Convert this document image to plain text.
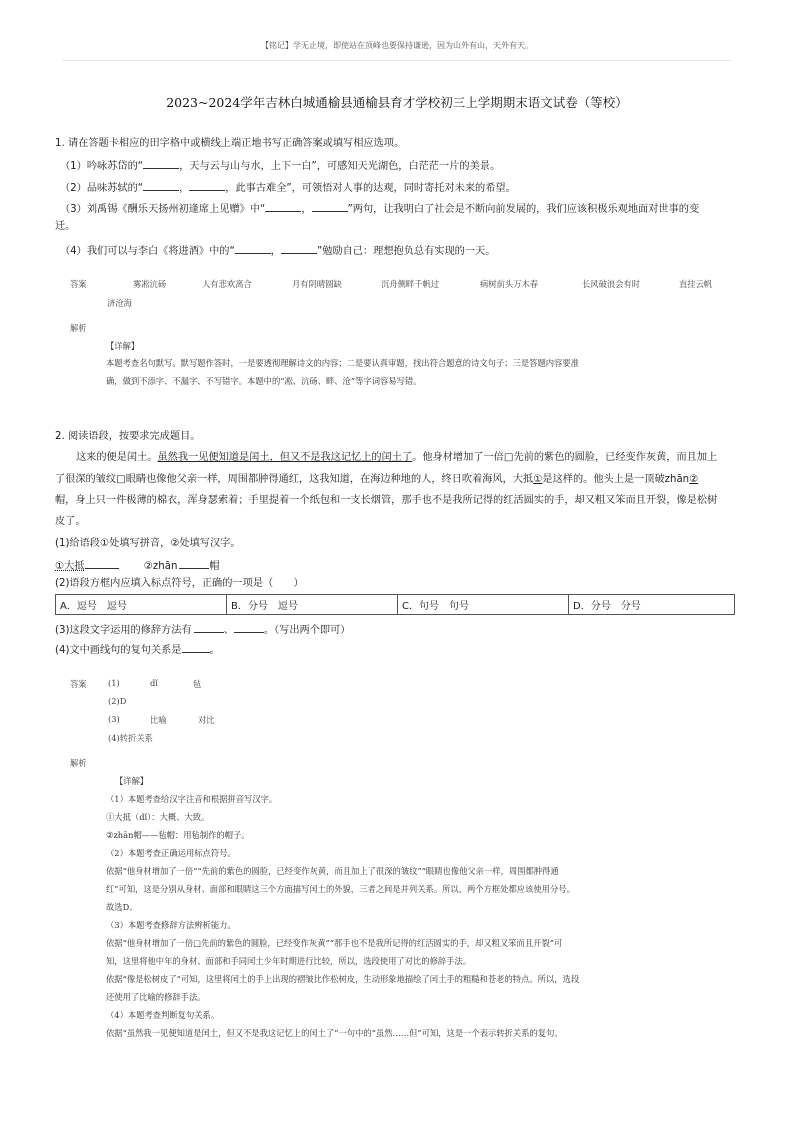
【铭记】学无止境，即使站在顶峰也要保持谦逊，因为山外有山，天外有天。
2023~2024学年吉林白城通榆县通榆县育才学校初三上学期期末语文试卷（等校）
1. 请在答题卡相应的田字格中或横线上端正地书写正确答案或填写相应选项。
（1）吟咏苏岱的“	，天与云与山与水，上下一白”，可感知天光湖色，白茫茫一片的美景。
（2）品味苏轼的“	，	，此事古难全”，可领悟对人事的达观，同时寄托对未来的希望。
（3）刘禹锡《酬乐天扬州初逢席上见赠》中“	，	”两句，让我明白了社会是不断向前发展的，我们应该积极乐观地面对世事的变
迁。
（4）我们可以与李白《将进酒》中的“	，	”勉励自己：理想抱负总有实现的一天。
答案	雾凇沆砀	人有悲欢离合	月有阴晴圆缺	沉舟侧畔千帆过	病树前头万木春	长风破浪会有时	直挂云帆
济沧海
解析
【详解】
本题考查名句默写。默写题作答时，一是要透彻理解诗文的内容；二是要认真审题，找出符合题意的诗文句子；三是答题内容要准
确，做到不添字、不漏字、不写错字。本题中的“凇、沆砀、畔、沧”等字词容易写错。
2. 阅读语段，按要求完成题目。
这来的便是闰土。虽然我一见便知道是闰土，但又不是我这记忆上的闰土了。他身材增加了一倍□先前的紫色的圆脸，已经变作灰黄，而且加上
了很深的皱纹□眼睛也像他父亲一样，周围都肿得通红，这我知道，在海边种地的人，终日吹着海风，大抵①是这样的。他头上是一顶破zhān②
帽，身上只一件极薄的棉衣，浑身瑟索着；手里提着一个纸包和一支长烟管，那手也不是我所记得的红活圆实的手，却又粗又笨而且开裂，像是松树
皮了。
(1)给语段①处填写拼音，②处填写汉字。
①大抵	②zhān	帽
(2)语段方框内应填入标点符号，正确的一项是（　　）
A．逗号　逗号	B．分号　逗号	C．句号　句号	D．分号　分号
(3)这段文字运用的修辞方法有	、	。（写出两个即可）
(4)文中画线句的复句关系是	。
答案	(1)	dǐ	毡
(2)D
(3)	比喻	对比
(4)转折关系
解析
【详解】
（1）本题考查给汉字注音和根据拼音写汉字。
①大抵（dǐ）：大概、大致。
②zhān帽——毡帽：用毡制作的帽子。
（2）本题考查正确运用标点符号。
依据“他身材增加了一倍”“先前的紫色的圆脸，已经变作灰黄，而且加上了很深的皱纹”“眼睛也像他父亲一样，周围都肿得通
红”可知，这是分别从身材、面部和眼睛这三个方面描写闰土的外貌，三者之间是并列关系。所以，两个方框处都应该使用分号。
故选D。
（3）本题考查修辞方法辨析能力。
依据“他身材增加了一倍□先前的紫色的圆脸，已经变作灰黄”“那手也不是我所记得的红活圆实的手，却又粗又笨而且开裂”可
知，这里将他中年的身材、面部和手同闰土少年时期进行比较，所以，选段使用了对比的修辞手法。
依据“像是松树皮了”可知，这里将闰土的手上出现的褶皱比作松树皮，生动形象地描绘了闰土手的粗糙和苍老的特点。所以，选段
还使用了比喻的修辞手法。
（4）本题考查判断复句关系。
依据“虽然我一见便知道是闰土，但又不是我这记忆上的闰土了”一句中的“虽然……但”可知，这是一个表示转折关系的复句。
